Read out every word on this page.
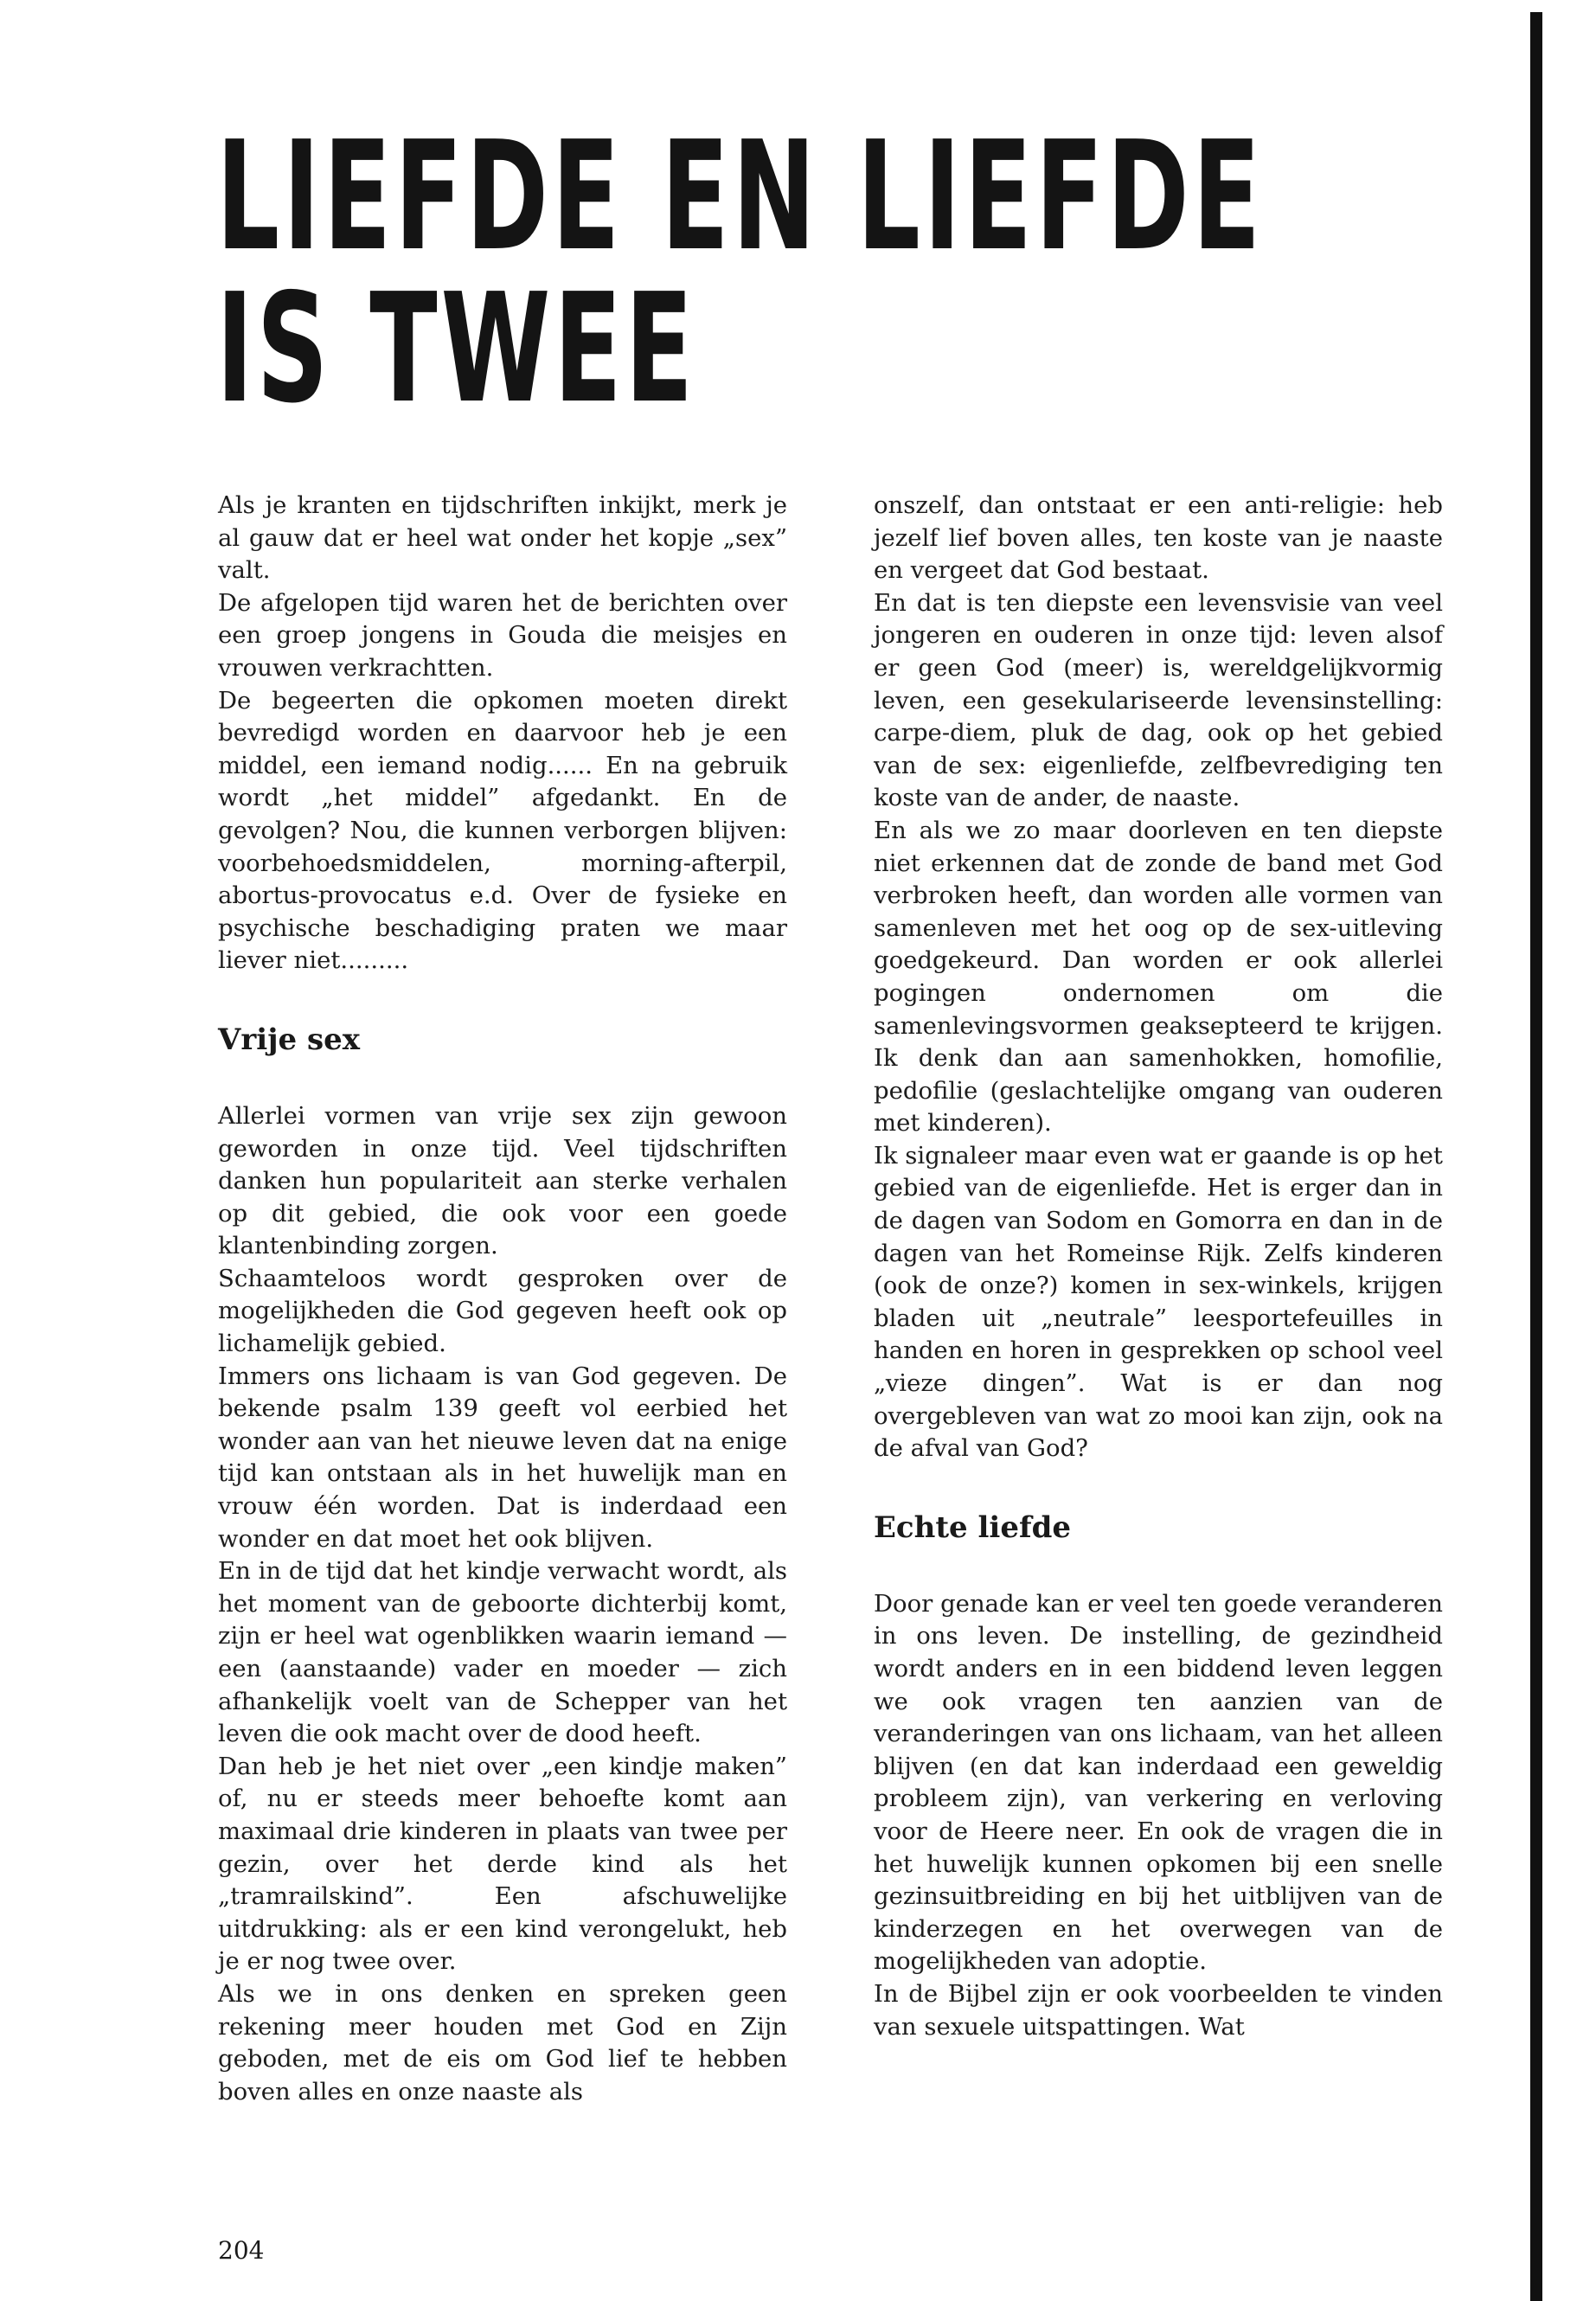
LIEFDE EN LIEFDE
IS TWEE

Als je kranten en tijdschriften inkijkt, merk je al gauw dat er heel wat onder het kopje „sex” valt.

De afgelopen tijd waren het de berichten over een groep jongens in Gouda die meisjes en vrouwen verkrachtten.

De begeerten die opkomen moeten direkt bevredigd worden en daarvoor heb je een middel, een iemand nodig...... En na gebruik wordt „het middel” afgedankt. En de gevolgen? Nou, die kunnen verborgen blijven: voorbehoedsmiddelen, morning-afterpil, abortus-provocatus e.d. Over de fysieke en psychische beschadiging praten we maar liever niet.........

Vrije sex

Allerlei vormen van vrije sex zijn gewoon geworden in onze tijd. Veel tijdschriften danken hun populariteit aan sterke verhalen op dit gebied, die ook voor een goede klantenbinding zorgen.

Schaamteloos wordt gesproken over de mogelijkheden die God gegeven heeft ook op lichamelijk gebied.

Immers ons lichaam is van God gegeven. De bekende psalm 139 geeft vol eerbied het wonder aan van het nieuwe leven dat na enige tijd kan ontstaan als in het huwelijk man en vrouw één worden. Dat is inderdaad een wonder en dat moet het ook blijven.

En in de tijd dat het kindje verwacht wordt, als het moment van de geboorte dichterbij komt, zijn er heel wat ogenblikken waarin iemand — een (aanstaande) vader en moeder — zich afhankelijk voelt van de Schepper van het leven die ook macht over de dood heeft.

Dan heb je het niet over „een kindje maken” of, nu er steeds meer behoefte komt aan maximaal drie kinderen in plaats van twee per gezin, over het derde kind als het „tramrailskind”. Een afschuwelijke uitdrukking: als er een kind verongelukt, heb je er nog twee over.

Als we in ons denken en spreken geen rekening meer houden met God en Zijn geboden, met de eis om God lief te hebben boven alles en onze naaste als

onszelf, dan ontstaat er een anti-religie: heb jezelf lief boven alles, ten koste van je naaste en vergeet dat God bestaat.

En dat is ten diepste een levensvisie van veel jongeren en ouderen in onze tijd: leven alsof er geen God (meer) is, wereldgelijkvormig leven, een gesekulariseerde levensinstelling: carpe-diem, pluk de dag, ook op het gebied van de sex: eigenliefde, zelfbevrediging ten koste van de ander, de naaste.

En als we zo maar doorleven en ten diepste niet erkennen dat de zonde de band met God verbroken heeft, dan worden alle vormen van samenleven met het oog op de sex-uitleving goedgekeurd. Dan worden er ook allerlei pogingen ondernomen om die samenlevingsvormen geaksepteerd te krijgen. Ik denk dan aan samenhokken, homofilie, pedofilie (geslachtelijke omgang van ouderen met kinderen).

Ik signaleer maar even wat er gaande is op het gebied van de eigenliefde. Het is erger dan in de dagen van Sodom en Gomorra en dan in de dagen van het Romeinse Rijk. Zelfs kinderen (ook de onze?) komen in sex-winkels, krijgen bladen uit „neutrale” leesportefeuilles in handen en horen in gesprekken op school veel „vieze dingen”. Wat is er dan nog overgebleven van wat zo mooi kan zijn, ook na de afval van God?

Echte liefde

Door genade kan er veel ten goede veranderen in ons leven. De instelling, de gezindheid wordt anders en in een biddend leven leggen we ook vragen ten aanzien van de veranderingen van ons lichaam, van het alleen blijven (en dat kan inderdaad een geweldig probleem zijn), van verkering en verloving voor de Heere neer. En ook de vragen die in het huwelijk kunnen opkomen bij een snelle gezinsuitbreiding en bij het uitblijven van de kinderzegen en het overwegen van de mogelijkheden van adoptie.

In de Bijbel zijn er ook voorbeelden te vinden van sexuele uitspattingen. Wat

204
